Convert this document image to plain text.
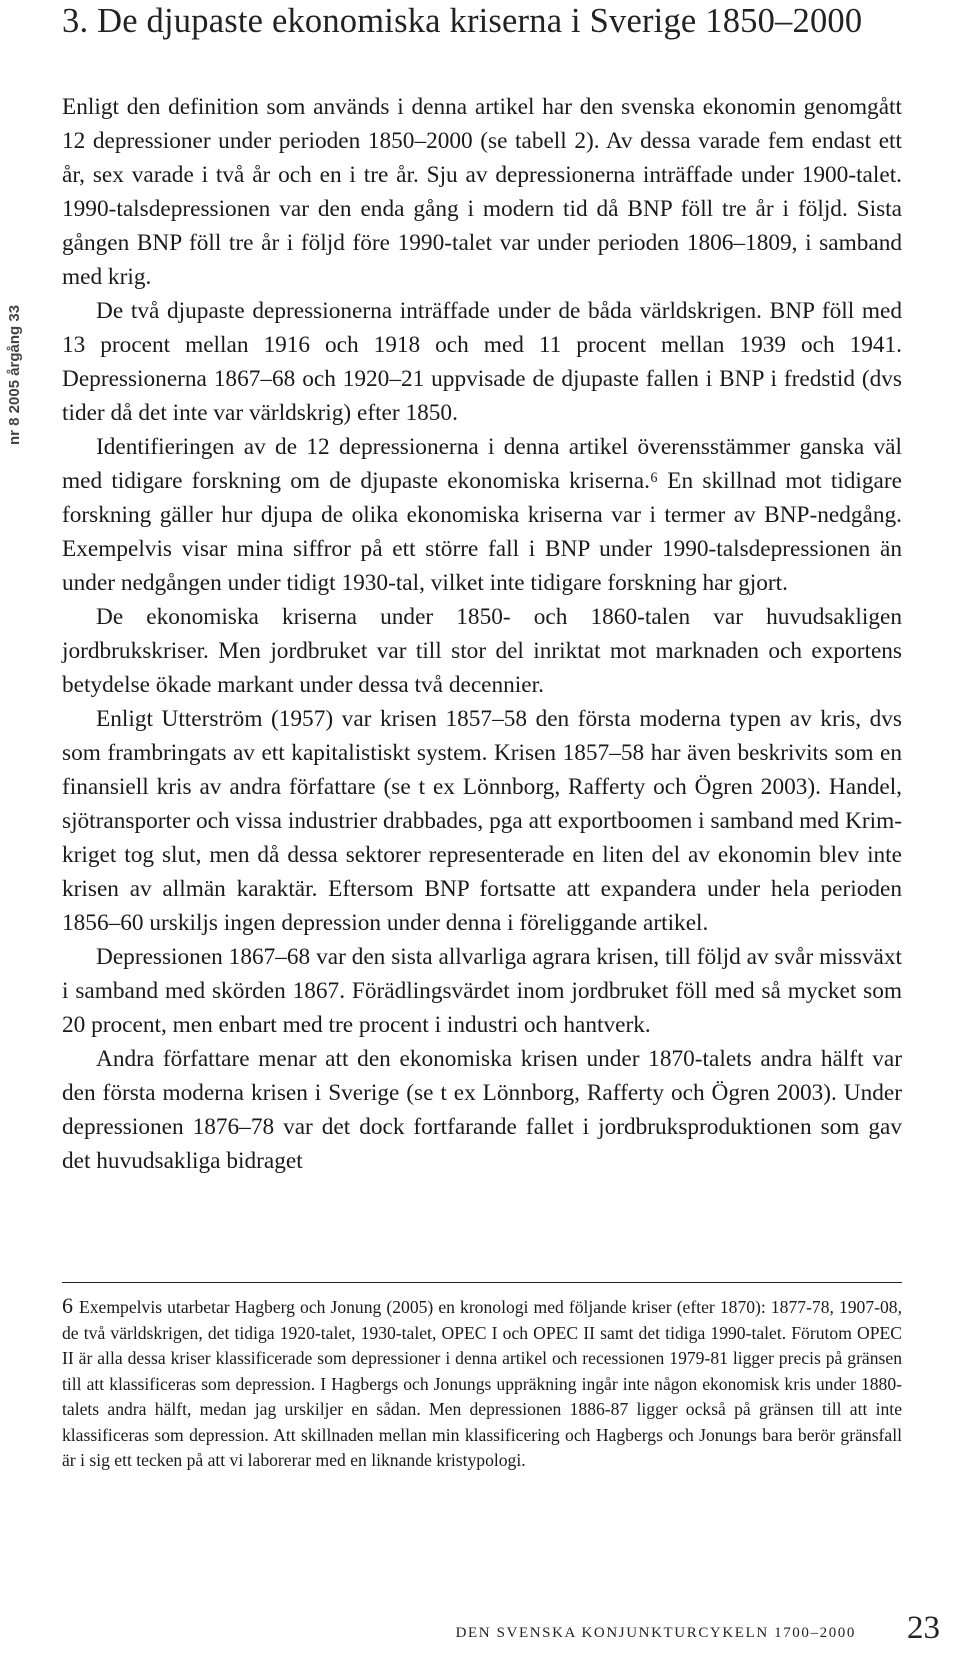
nr 8 2005 årgång 33
3. De djupaste ekonomiska kriserna i Sverige 1850–2000

Enligt den definition som används i denna artikel har den svenska ekonomin genomgått 12 depressioner under perioden 1850–2000 (se tabell 2). Av dessa varade fem endast ett år, sex varade i två år och en i tre år. Sju av depressionerna inträffade under 1900-talet. 1990-talsdepressionen var den enda gång i modern tid då BNP föll tre år i följd. Sista gången BNP föll tre år i följd före 1990-talet var under perioden 1806–1809, i samband med krig.

De två djupaste depressionerna inträffade under de båda världskrigen. BNP föll med 13 procent mellan 1916 och 1918 och med 11 procent mellan 1939 och 1941. Depressionerna 1867–68 och 1920–21 uppvisade de djupaste fallen i BNP i fredstid (dvs tider då det inte var världskrig) efter 1850.

Identifieringen av de 12 depressionerna i denna artikel överensstämmer ganska väl med tidigare forskning om de djupaste ekonomiska kriserna.⁶ En skillnad mot tidigare forskning gäller hur djupa de olika ekonomiska kriserna var i termer av BNP-nedgång. Exempelvis visar mina siffror på ett större fall i BNP under 1990-talsdepressionen än under nedgången under tidigt 1930-tal, vilket inte tidigare forskning har gjort.

De ekonomiska kriserna under 1850- och 1860-talen var huvudsakligen jordbrukskriser. Men jordbruket var till stor del inriktat mot marknaden och exportens betydelse ökade markant under dessa två decennier.

Enligt Utterström (1957) var krisen 1857–58 den första moderna typen av kris, dvs som frambringats av ett kapitalistiskt system. Krisen 1857–58 har även beskrivits som en finansiell kris av andra författare (se t ex Lönnborg, Rafferty och Ögren 2003). Handel, sjötransporter och vissa industrier drabbades, pga att exportboomen i samband med Krim-kriget tog slut, men då dessa sektorer representerade en liten del av ekonomin blev inte krisen av allmän karaktär. Eftersom BNP fortsatte att expandera under hela perioden 1856–60 urskiljs ingen depression under denna i föreliggande artikel.

Depressionen 1867–68 var den sista allvarliga agrara krisen, till följd av svår missväxt i samband med skörden 1867. Förädlingsvärdet inom jordbruket föll med så mycket som 20 procent, men enbart med tre procent i industri och hantverk.

Andra författare menar att den ekonomiska krisen under 1870-talets andra hälft var den första moderna krisen i Sverige (se t ex Lönnborg, Rafferty och Ögren 2003). Under depressionen 1876–78 var det dock fortfarande fallet i jordbruksproduktionen som gav det huvudsakliga bidraget

6 Exempelvis utarbetar Hagberg och Jonung (2005) en kronologi med följande kriser (efter 1870): 1877-78, 1907-08, de två världskrigen, det tidiga 1920-talet, 1930-talet, OPEC I och OPEC II samt det tidiga 1990-talet. Förutom OPEC II är alla dessa kriser klassificerade som depressioner i denna artikel och recessionen 1979-81 ligger precis på gränsen till att klassificeras som depression. I Hagbergs och Jonungs uppräkning ingår inte någon ekonomisk kris under 1880-talets andra hälft, medan jag urskiljer en sådan. Men depressionen 1886-87 ligger också på gränsen till att inte klassificeras som depression. Att skillnaden mellan min klassificering och Hagbergs och Jonungs bara berör gränsfall är i sig ett tecken på att vi laborerar med en liknande kristypologi.
DEN SVENSKA KONJUNKTURCYKELN 1700–2000 23
